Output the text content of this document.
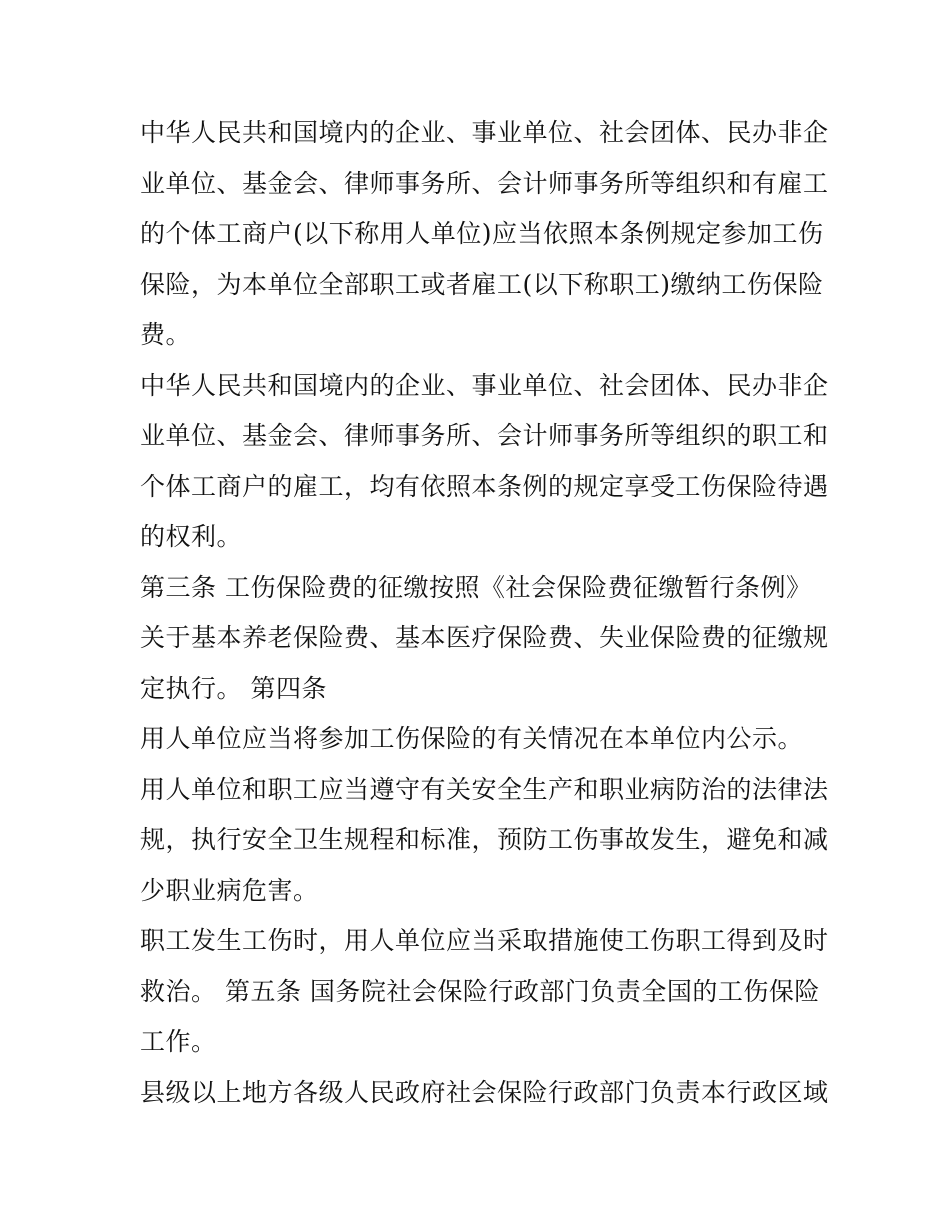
中华人民共和国境内的企业、事业单位、社会团体、民办非企
业单位、基金会、律师事务所、会计师事务所等组织和有雇工
的个体工商户(以下称用人单位)应当依照本条例规定参加工伤
保险，为本单位全部职工或者雇工(以下称职工)缴纳工伤保险
费。
中华人民共和国境内的企业、事业单位、社会团体、民办非企
业单位、基金会、律师事务所、会计师事务所等组织的职工和
个体工商户的雇工，均有依照本条例的规定享受工伤保险待遇
的权利。
第三条 工伤保险费的征缴按照《社会保险费征缴暂行条例》
关于基本养老保险费、基本医疗保险费、失业保险费的征缴规
定执行。 第四条
用人单位应当将参加工伤保险的有关情况在本单位内公示。
用人单位和职工应当遵守有关安全生产和职业病防治的法律法
规，执行安全卫生规程和标准，预防工伤事故发生，避免和减
少职业病危害。
职工发生工伤时，用人单位应当采取措施使工伤职工得到及时
救治。 第五条 国务院社会保险行政部门负责全国的工伤保险
工作。
县级以上地方各级人民政府社会保险行政部门负责本行政区域
